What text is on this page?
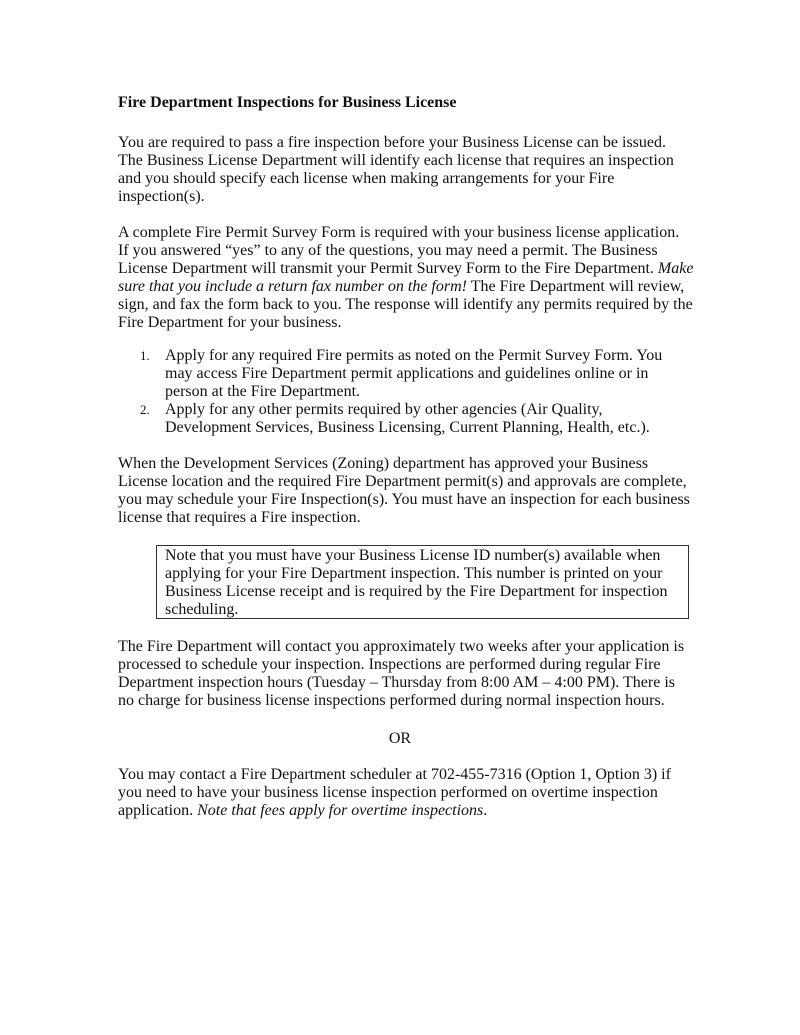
Fire Department Inspections for Business License
You are required to pass a fire inspection before your Business License can be issued.
The Business License Department will identify each license that requires an inspection
and you should specify each license when making arrangements for your Fire
inspection(s).
A complete Fire Permit Survey Form is required with your business license application.
If you answered “yes” to any of the questions, you may need a permit. The Business
License Department will transmit your Permit Survey Form to the Fire Department. Make
sure that you include a return fax number on the form! The Fire Department will review,
sign, and fax the form back to you. The response will identify any permits required by the
Fire Department for your business.
1. Apply for any required Fire permits as noted on the Permit Survey Form. You
may access Fire Department permit applications and guidelines online or in
person at the Fire Department.
2. Apply for any other permits required by other agencies (Air Quality,
Development Services, Business Licensing, Current Planning, Health, etc.).
When the Development Services (Zoning) department has approved your Business
License location and the required Fire Department permit(s) and approvals are complete,
you may schedule your Fire Inspection(s). You must have an inspection for each business
license that requires a Fire inspection.
Note that you must have your Business License ID number(s) available when
applying for your Fire Department inspection. This number is printed on your
Business License receipt and is required by the Fire Department for inspection
scheduling.
The Fire Department will contact you approximately two weeks after your application is
processed to schedule your inspection. Inspections are performed during regular Fire
Department inspection hours (Tuesday – Thursday from 8:00 AM – 4:00 PM). There is
no charge for business license inspections performed during normal inspection hours.
OR
You may contact a Fire Department scheduler at 702-455-7316 (Option 1, Option 3) if
you need to have your business license inspection performed on overtime inspection
application. Note that fees apply for overtime inspections.
